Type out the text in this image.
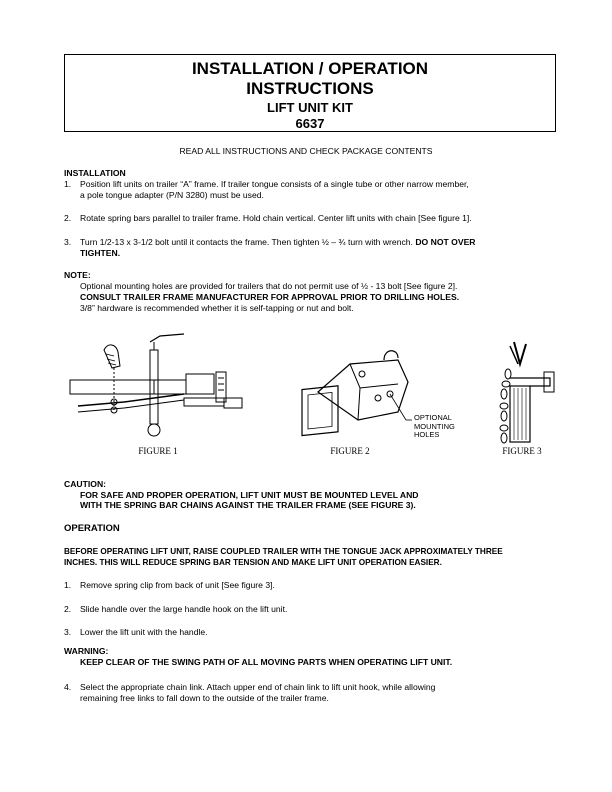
INSTALLATION / OPERATION
INSTRUCTIONS
LIFT UNIT KIT
6637
READ ALL INSTRUCTIONS AND CHECK PACKAGE CONTENTS
INSTALLATION
1. Position lift units on trailer “A” frame. If trailer tongue consists of a single tube or other narrow member,
a pole tongue adapter (P/N 3280) must be used.
2. Rotate spring bars parallel to trailer frame. Hold chain vertical. Center lift units with chain [See figure 1].
3. Turn 1/2-13 x 3-1/2 bolt until it contacts the frame. Then tighten ½ – ¾ turn with wrench. DO NOT OVER
TIGHTEN.
NOTE:
Optional mounting holes are provided for trailers that do not permit use of ½ - 13 bolt [See figure 2].
CONSULT TRAILER FRAME MANUFACTURER FOR APPROVAL PRIOR TO DRILLING HOLES.
3/8” hardware is recommended whether it is self-tapping or nut and bolt.
FIGURE 1
OPTIONAL
MOUNTING
HOLES
FIGURE 2	FIGURE 3
CAUTION:
FOR SAFE AND PROPER OPERATION, LIFT UNIT MUST BE MOUNTED LEVEL AND
WITH THE SPRING BAR CHAINS AGAINST THE TRAILER FRAME (SEE FIGURE 3).
OPERATION
BEFORE OPERATING LIFT UNIT, RAISE COUPLED TRAILER WITH THE TONGUE JACK APPROXIMATELY THREE
INCHES. THIS WILL REDUCE SPRING BAR TENSION AND MAKE LIFT UNIT OPERATION EASIER.
1. Remove spring clip from back of unit [See figure 3].
2. Slide handle over the large handle hook on the lift unit.
3. Lower the lift unit with the handle.
WARNING:
KEEP CLEAR OF THE SWING PATH OF ALL MOVING PARTS WHEN OPERATING LIFT UNIT.
4. Select the appropriate chain link. Attach upper end of chain link to lift unit hook, while allowing
remaining free links to fall down to the outside of the trailer frame.
